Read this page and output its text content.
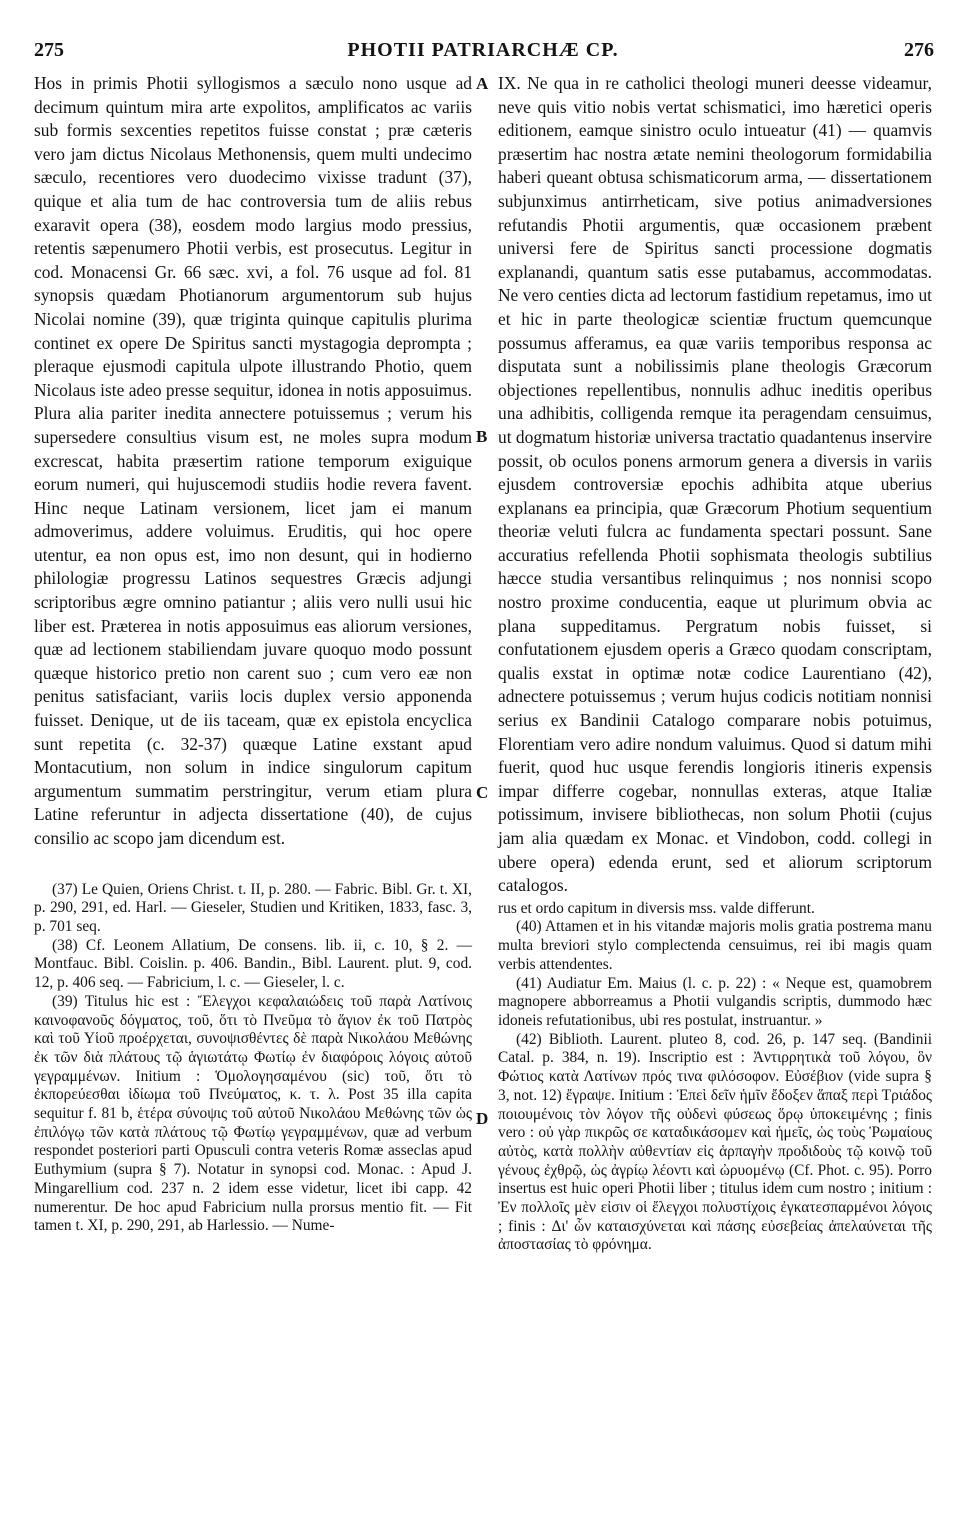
275	PHOTII PATRIARCHÆ CP.	276
A
B
C
D

Hos in primis Photii syllogismos a sæculo nono usque ad decimum quintum mira arte expolitos, amplificatos ac variis sub formis sexcenties repetitos fuisse constat ; præ cæteris vero jam dictus Nicolaus Methonensis, quem multi undecimo sæculo, recentiores vero duodecimo vixisse tradunt (37), quique et alia tum de hac controversia tum de aliis rebus exaravit opera (38), eosdem modo largius modo pressius, retentis sæpenumero Photii verbis, est prosecutus. Legitur in cod. Monacensi Gr. 66 sæc. xvi, a fol. 76 usque ad fol. 81 synopsis quædam Photianorum argumentorum sub hujus Nicolai nomine (39), quæ triginta quinque capitulis plurima continet ex opere De Spiritus sancti mystagogia deprompta ; pleraque ejusmodi capitula ulpote illustrando Photio, quem Nicolaus iste adeo presse sequitur, idonea in notis apposuimus. Plura alia pariter inedita annectere potuissemus ; verum his supersedere consultius visum est, ne moles supra modum excrescat, habita præsertim ratione temporum exiguique eorum numeri, qui hujuscemodi studiis hodie revera favent. Hinc neque Latinam versionem, licet jam ei manum admoverimus, addere voluimus. Eruditis, qui hoc opere utentur, ea non opus est, imo non desunt, qui in hodierno philologiæ progressu Latinos sequestres Græcis adjungi scriptoribus ægre omnino patiantur ; aliis vero nulli usui hic liber est. Præterea in notis apposuimus eas aliorum versiones, quæ ad lectionem stabiliendam juvare quoquo modo possunt quæque historico pretio non carent suo ; cum vero eæ non penitus satisfaciant, variis locis duplex versio apponenda fuisset. Denique, ut de iis taceam, quæ ex epistola encyclica sunt repetita (c. 32-37) quæque Latine exstant apud Montacutium, non solum in indice singulorum capitum argumentum summatim perstringitur, verum etiam plura Latine referuntur in adjecta dissertatione (40), de cujus consilio ac scopo jam dicendum est.

(37) Le Quien, Oriens Christ. t. II, p. 280. — Fabric. Bibl. Gr. t. XI, p. 290, 291, ed. Harl. — Gieseler, Studien und Kritiken, 1833, fasc. 3, p. 701 seq.

(38) Cf. Leonem Allatium, De consens. lib. ii, c. 10, § 2. — Montfauc. Bibl. Coislin. p. 406. Bandin., Bibl. Laurent. plut. 9, cod. 12, p. 406 seq. — Fabricium, l. c. — Gieseler, l. c.

(39) Titulus hic est : Ἔλεγχοι κεφαλαιώδεις τοῦ παρὰ Λατίνοις καινοφανοῦς δόγματος, τοῦ, ὅτι τὸ Πνεῦμα τὸ ἅγιον ἐκ τοῦ Πατρὸς καὶ τοῦ Υἱοῦ προέρχεται, συνοψισθέντες δὲ παρὰ Νικολάου Μεθώνης ἐκ τῶν διὰ πλάτους τῷ ἁγιωτάτῳ Φωτίῳ ἐν διαφόροις λόγοις αὐτοῦ γεγραμμένων. Initium : Ὁμολογησαμένου (sic) τοῦ, ὅτι τὸ ἐκπορεύεσθαι ἰδίωμα τοῦ Πνεύματος, κ. τ. λ. Post 35 illa capita sequitur f. 81 b, ἑτέρα σύνοψις τοῦ αὐτοῦ Νικολάου Μεθώνης τῶν ὡς ἐπιλόγῳ τῶν κατὰ πλάτους τῷ Φωτίῳ γεγραμμένων, quæ ad verbum respondet posteriori parti Opusculi contra veteris Romæ asseclas apud Euthymium (supra § 7). Notatur in synopsi cod. Monac. : Apud J. Mingarellium cod. 237 n. 2 idem esse videtur, licet ibi capp. 42 numerentur. De hoc apud Fabricium nulla prorsus mentio fit. — Fit tamen t. XI, p. 290, 291, ab Harlessio. — Nume-

IX. Ne qua in re catholici theologi muneri deesse videamur, neve quis vitio nobis vertat schismatici, imo hæretici operis editionem, eamque sinistro oculo intueatur (41) — quamvis præsertim hac nostra ætate nemini theologorum formidabilia haberi queant obtusa schismaticorum arma, — dissertationem subjunximus antirrheticam, sive potius animadversiones refutandis Photii argumentis, quæ occasionem præbent universi fere de Spiritus sancti processione dogmatis explanandi, quantum satis esse putabamus, accommodatas. Ne vero centies dicta ad lectorum fastidium repetamus, imo ut et hic in parte theologicæ scientiæ fructum quemcunque possumus afferamus, ea quæ variis temporibus responsa ac disputata sunt a nobilissimis plane theologis Græcorum objectiones repellentibus, nonnulis adhuc ineditis operibus una adhibitis, colligenda remque ita peragendam censuimus, ut dogmatum historiæ universa tractatio quadantenus inservire possit, ob oculos ponens armorum genera a diversis in variis ejusdem controversiæ epochis adhibita atque uberius explanans ea principia, quæ Græcorum Photium sequentium theoriæ veluti fulcra ac fundamenta spectari possunt. Sane accuratius refellenda Photii sophismata theologis subtilius hæcce studia versantibus relinquimus ; nos nonnisi scopo nostro proxime conducentia, eaque ut plurimum obvia ac plana suppeditamus. Pergratum nobis fuisset, si confutationem ejusdem operis a Græco quodam conscriptam, qualis exstat in optimæ notæ codice Laurentiano (42), adnectere potuissemus ; verum hujus codicis notitiam nonnisi serius ex Bandinii Catalogo comparare nobis potuimus, Florentiam vero adire nondum valuimus. Quod si datum mihi fuerit, quod huc usque ferendis longioris itineris expensis impar differre cogebar, nonnullas exteras, atque Italiæ potissimum, invisere bibliothecas, non solum Photii (cujus jam alia quædam ex Monac. et Vindobon, codd. collegi in ubere opera) edenda erunt, sed et aliorum scriptorum catalogos.

rus et ordo capitum in diversis mss. valde differunt.

(40) Attamen et in his vitandæ majoris molis gratia postrema manu multa breviori stylo complectenda censuimus, rei ibi magis quam verbis attendentes.

(41) Audiatur Em. Maius (l. c. p. 22) : « Neque est, quamobrem magnopere abborreamus a Photii vulgandis scriptis, dummodo hæc idoneis refutationibus, ubi res postulat, instruantur. »

(42) Biblioth. Laurent. pluteo 8, cod. 26, p. 147 seq. (Bandinii Catal. p. 384, n. 19). Inscriptio est : Ἀντιρρητικὰ τοῦ λόγου, ὃν Φώτιος κατὰ Λατίνων πρός τινα φιλόσοφον. Εὐσέβιον (vide supra § 3, not. 12) ἔγραψε. Initium : Ἐπεὶ δεῖν ἡμῖν ἔδοξεν ἅπαξ περὶ Τριάδος ποιουμένοις τὸν λόγον τῆς οὐδενὶ φύσεως ὅρῳ ὑποκειμένης ; finis vero : οὐ γὰρ πικρῶς σε καταδικάσομεν καὶ ἡμεῖς, ὡς τοὺς Ῥωμαίους αὐτὸς, κατὰ πολλὴν αὐθεντίαν εἰς ἁρπαγὴν προδιδοὺς τῷ κοινῷ τοῦ γένους ἐχθρῷ, ὡς ἀγρίῳ λέοντι καὶ ὠρυομένῳ (Cf. Phot. c. 95). Porro insertus est huic operi Photii liber ; titulus idem cum nostro ; initium : Ἐν πολλοῖς μὲν εἰσιν οἱ ἔλεγχοι πολυστίχοις ἐγκατεσπαρμένοι λόγοις ; finis : Δι' ὧν καταισχύνεται καὶ πάσης εὐσεβείας ἀπελαύνεται τῆς ἀποστασίας τὸ φρόνημα.
